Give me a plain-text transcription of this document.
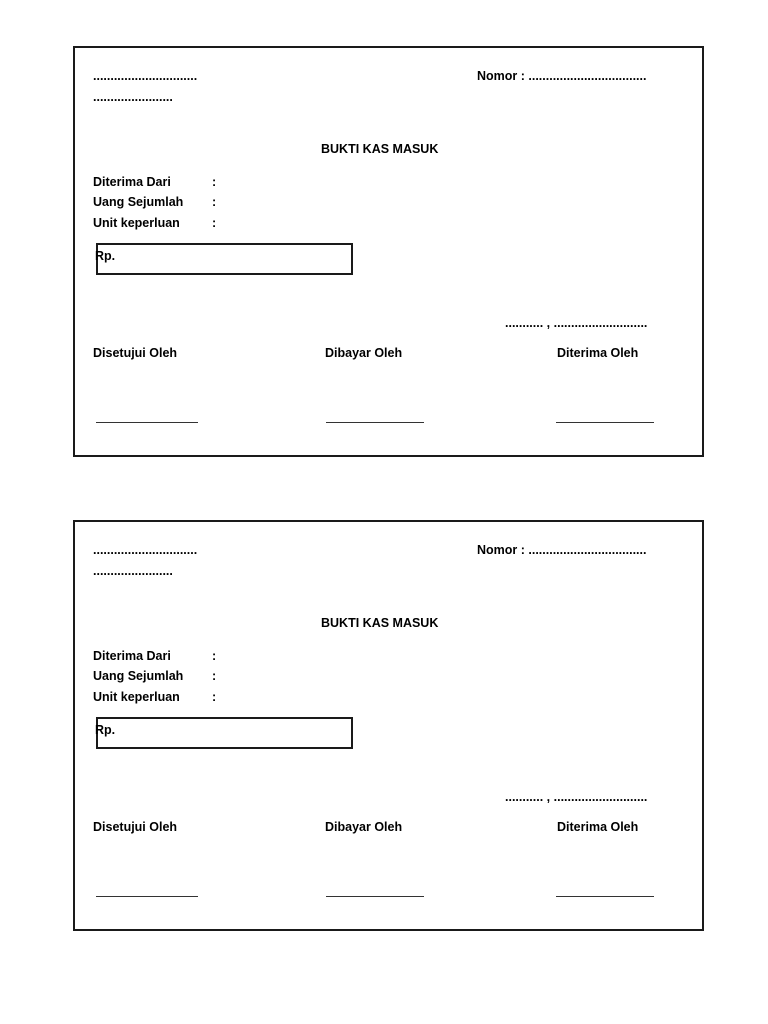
..............................
.......................
Nomor : ..................................
BUKTI KAS MASUK
Diterima Dari	:
Uang Sejumlah	:
Unit keperluan	:
Rp.
........... , ...........................
Disetujui Oleh	Dibayar Oleh	Diterima Oleh
..............................
.......................
Nomor : ..................................
BUKTI KAS MASUK
Diterima Dari	:
Uang Sejumlah	:
Unit keperluan	:
Rp.
........... , ...........................
Disetujui Oleh	Dibayar Oleh	Diterima Oleh
